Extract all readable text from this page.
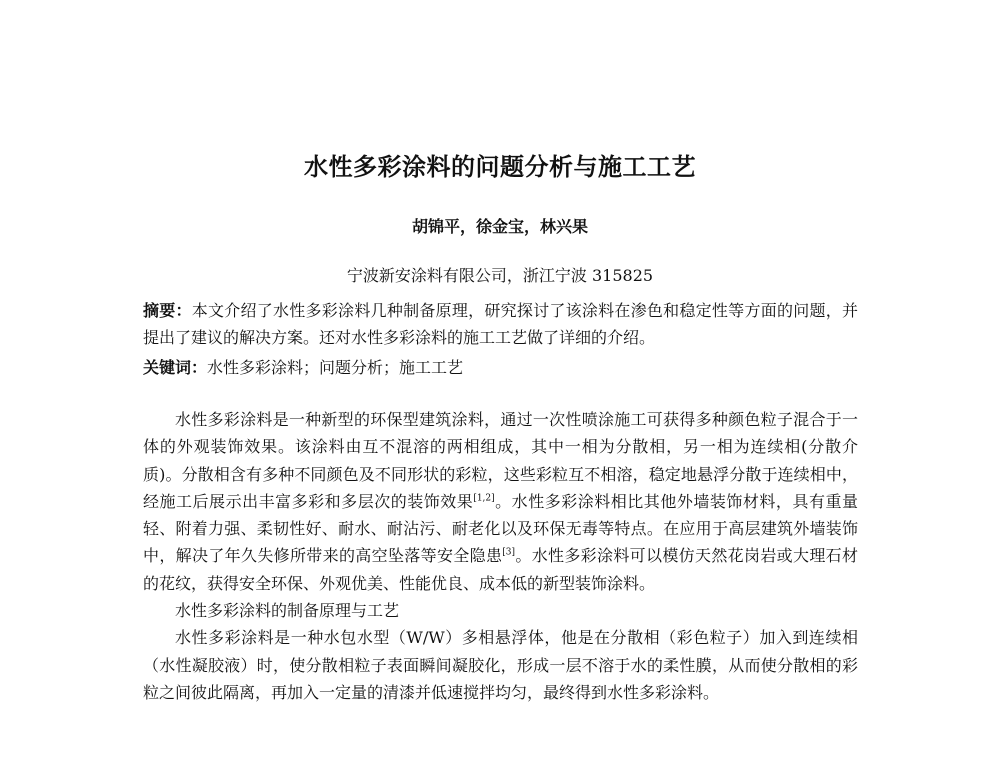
水性多彩涂料的问题分析与施工工艺

胡锦平，徐金宝，林兴果

宁波新安涂料有限公司，浙江宁波 315825

摘要：本文介绍了水性多彩涂料几种制备原理，研究探讨了该涂料在渗色和稳定性等方面的问题，并提出了建议的解决方案。还对水性多彩涂料的施工工艺做了详细的介绍。

关键词：水性多彩涂料；问题分析；施工工艺

水性多彩涂料是一种新型的环保型建筑涂料，通过一次性喷涂施工可获得多种颜色粒子混合于一体的外观装饰效果。该涂料由互不混溶的两相组成，其中一相为分散相，另一相为连续相(分散介质)。分散相含有多种不同颜色及不同形状的彩粒，这些彩粒互不相溶，稳定地悬浮分散于连续相中，经施工后展示出丰富多彩和多层次的装饰效果[1,2]。水性多彩涂料相比其他外墙装饰材料，具有重量轻、附着力强、柔韧性好、耐水、耐沾污、耐老化以及环保无毒等特点。在应用于高层建筑外墙装饰中，解决了年久失修所带来的高空坠落等安全隐患[3]。水性多彩涂料可以模仿天然花岗岩或大理石材的花纹，获得安全环保、外观优美、性能优良、成本低的新型装饰涂料。

水性多彩涂料的制备原理与工艺

水性多彩涂料是一种水包水型（W/W）多相悬浮体，他是在分散相（彩色粒子）加入到连续相（水性凝胶液）时，使分散相粒子表面瞬间凝胶化，形成一层不溶于水的柔性膜，从而使分散相的彩粒之间彼此隔离，再加入一定量的清漆并低速搅拌均匀，最终得到水性多彩涂料。
